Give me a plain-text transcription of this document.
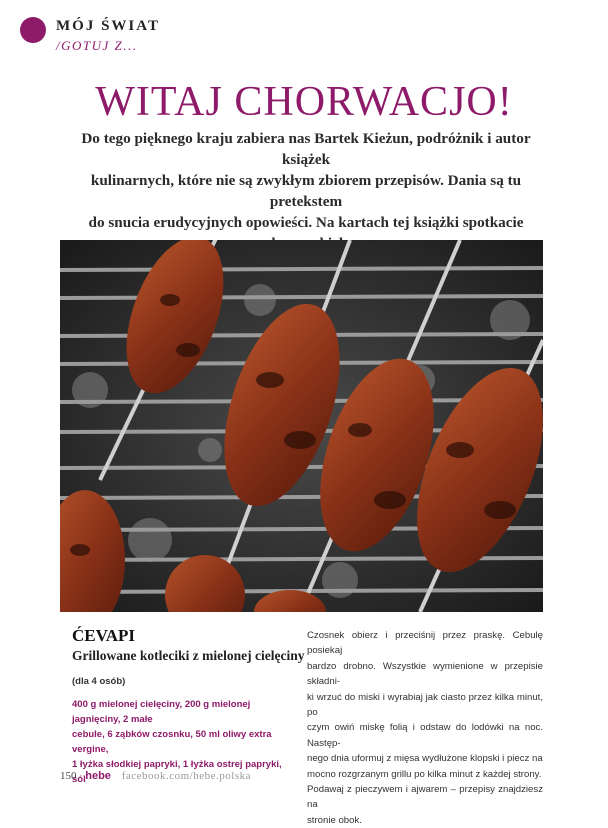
MÓJ ŚWIAT
/GOTUJ Z...
WITAJ CHORWACJO!
Do tego pięknego kraju zabiera nas Bartek Kieżun, podróżnik i autor książek
kulinarnych, które nie są zwykłym zbiorem przepisów. Dania są tu pretekstem
do snucia erudycyjnych opowieści. Na kartach tej książki spotkacie
ĆEVAPI
Grillowane kotleciki z mielonej cielęciny
(dla 4 osób)
400 g mielonej cielęciny, 200 g mielonej jagnięciny, 2 małe
cebule, 6 ząbków czosnku, 50 ml oliwy extra vergine,
1 łyżka słodkiej papryki, 1 łyżka ostrej papryki, sól
Czosnek obierz i przeciśnij przez praskę. Cebulę posiekaj
bardzo drobno. Wszystkie wymienione w przepisie składni-
ki wrzuć do miski i wyrabiaj jak ciasto przez kilka minut, po
czym owiń miskę folią i odstaw do lodówki na noc. Następ-
nego dnia uformuj z mięsa wydłużone klopski i piecz na
mocno rozgrzanym grillu po kilka minut z każdej strony.
Podawaj z pieczywem i ajwarem – przepisy znajdziesz na
stronie obok.
150 hebe facebook.com/hebe.polska
